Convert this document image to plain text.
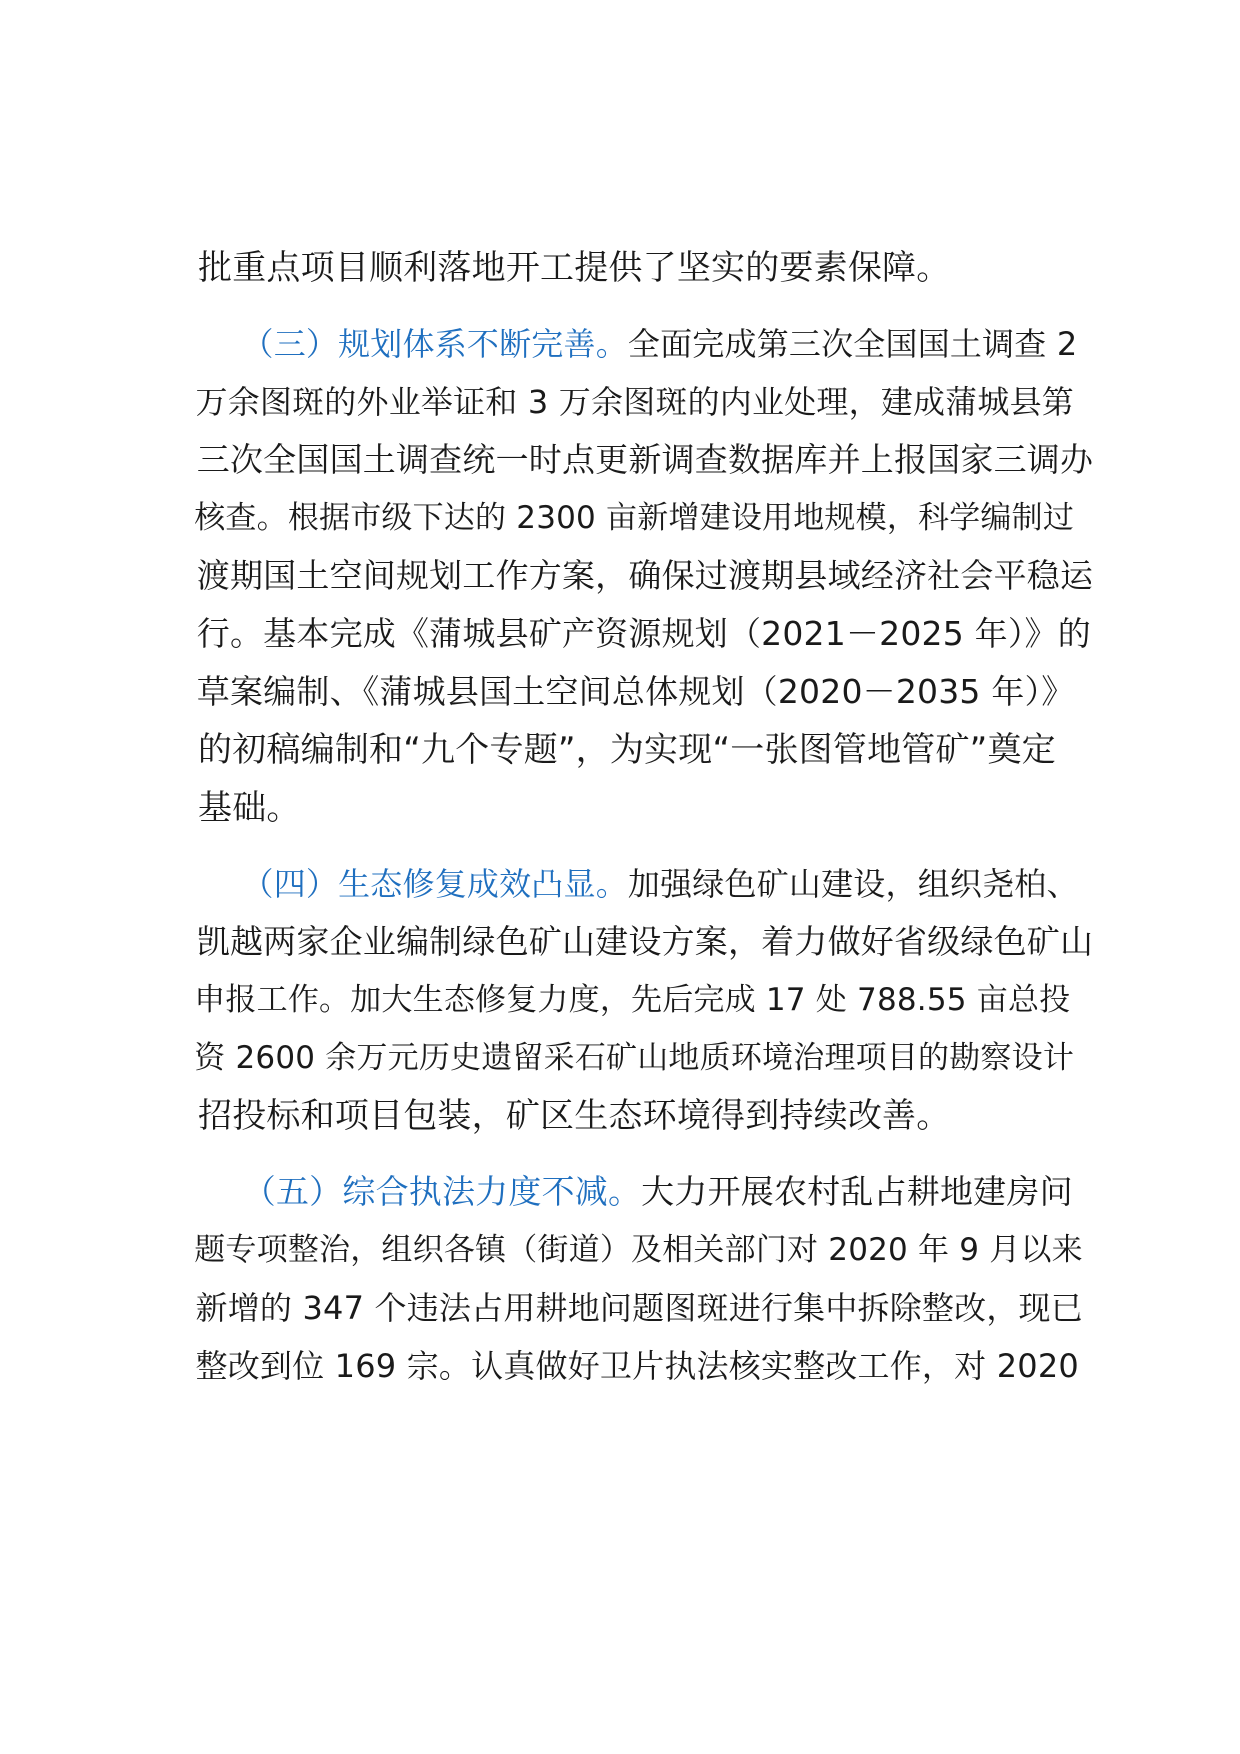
批重点项目顺利落地开工提供了坚实的要素保障。

（三）规划体系不断完善。全面完成第三次全国国土调查 2

万余图斑的外业举证和 3 万余图斑的内业处理，建成蒲城县第

三次全国国土调查统一时点更新调查数据库并上报国家三调办

核查。根据市级下达的 2300 亩新增建设用地规模，科学编制过

渡期国土空间规划工作方案，确保过渡期县域经济社会平稳运

行。基本完成《蒲城县矿产资源规划（2021－2025 年）》的

草案编制、《蒲城县国土空间总体规划（2020－2035 年）》

的初稿编制和“九个专题”，为实现“一张图管地管矿”奠定

基础。

（四）生态修复成效凸显。加强绿色矿山建设，组织尧柏、

凯越两家企业编制绿色矿山建设方案，着力做好省级绿色矿山

申报工作。加大生态修复力度，先后完成 17 处 788.55 亩总投

资 2600 余万元历史遗留采石矿山地质环境治理项目的勘察设计

招投标和项目包装，矿区生态环境得到持续改善。

（五）综合执法力度不减。大力开展农村乱占耕地建房问

题专项整治，组织各镇（街道）及相关部门对 2020 年 9 月以来

新增的 347 个违法占用耕地问题图斑进行集中拆除整改，现已

整改到位 169 宗。认真做好卫片执法核实整改工作，对 2020
